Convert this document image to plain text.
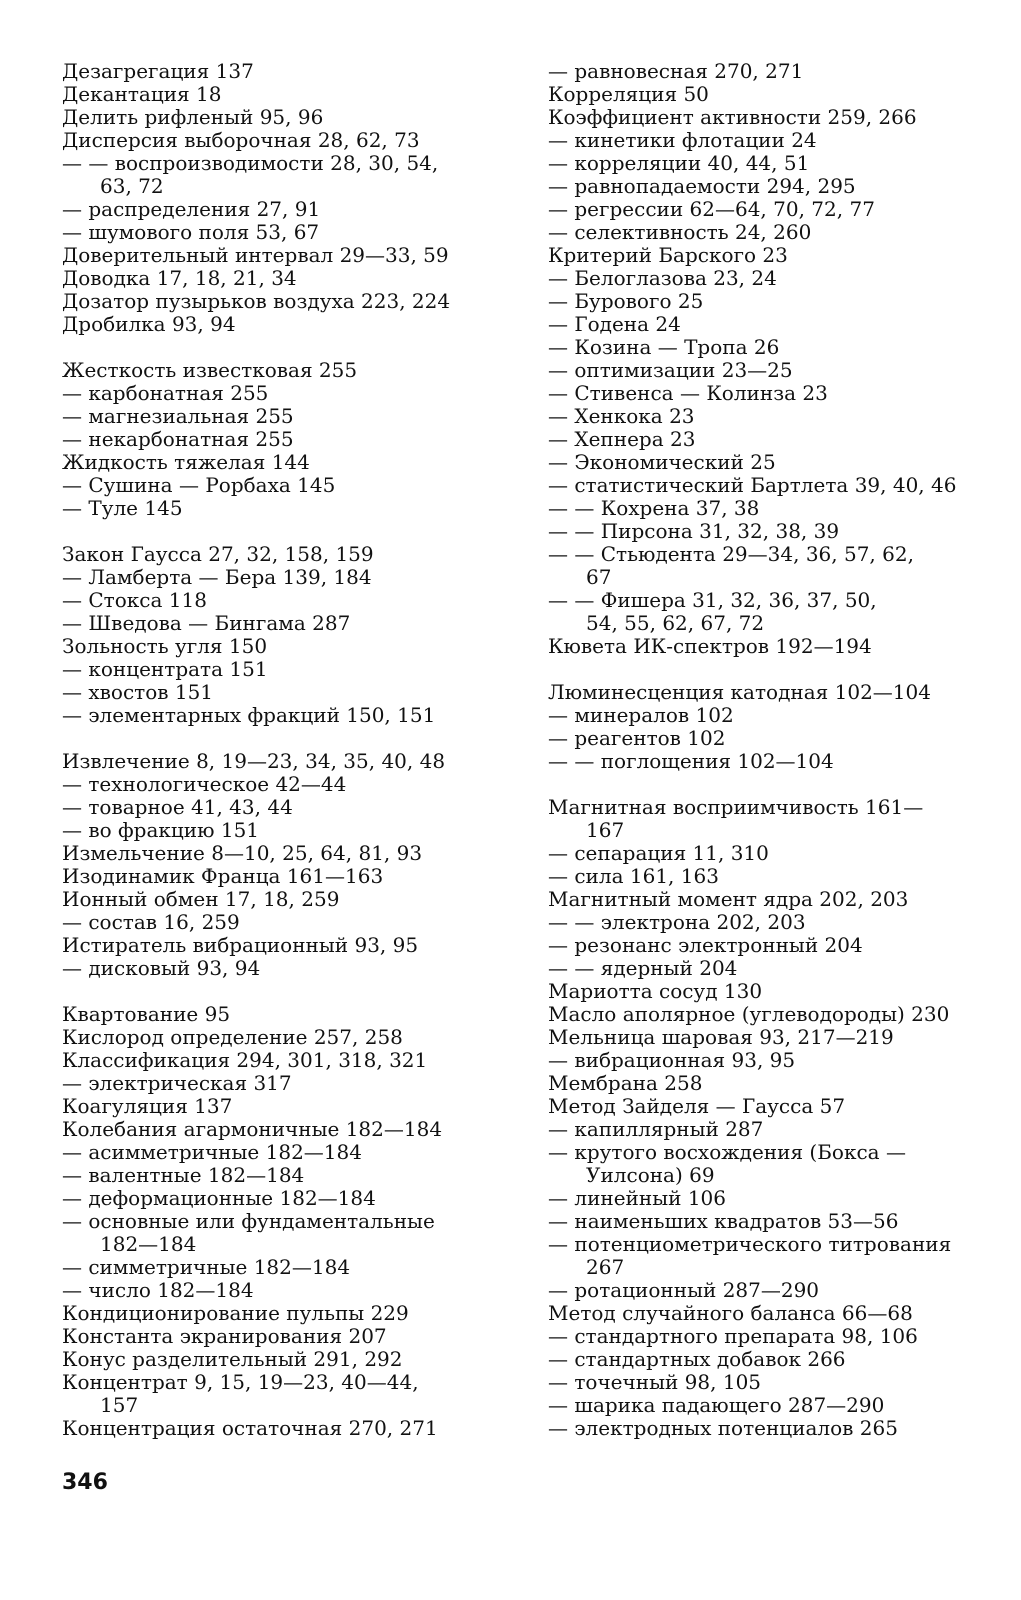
Дезагрегация 137
Декантация 18
Делить рифленый 95, 96
Дисперсия выборочная 28, 62, 73
— — воспроизводимости 28, 30, 54,
63, 72
— распределения 27, 91
— шумового поля 53, 67
Доверительный интервал 29—33, 59
Доводка 17, 18, 21, 34
Дозатор пузырьков воздуха 223, 224
Дробилка 93, 94
Жесткость известковая 255
— карбонатная 255
— магнезиальная 255
— некарбонатная 255
Жидкость тяжелая 144
— Сушина — Рорбаха 145
— Туле 145
Закон Гаусса 27, 32, 158, 159
— Ламберта — Бера 139, 184
— Стокса 118
— Шведова — Бингама 287
Зольность угля 150
— концентрата 151
— хвостов 151
— элементарных фракций 150, 151
Извлечение 8, 19—23, 34, 35, 40, 48
— технологическое 42—44
— товарное 41, 43, 44
— во фракцию 151
Измельчение 8—10, 25, 64, 81, 93
Изодинамик Франца 161—163
Ионный обмен 17, 18, 259
— состав 16, 259
Истиратель вибрационный 93, 95
— дисковый 93, 94
Квартование 95
Кислород определение 257, 258
Классификация 294, 301, 318, 321
— электрическая 317
Коагуляция 137
Колебания агармоничные 182—184
— асимметричные 182—184
— валентные 182—184
— деформационные 182—184
— основные или фундаментальные
182—184
— симметричные 182—184
— число 182—184
Кондиционирование пульпы 229
Константа экранирования 207
Конус разделительный 291, 292
Концентрат 9, 15, 19—23, 40—44,
157
Концентрация остаточная 270, 271
— равновесная 270, 271
Корреляция 50
Коэффициент активности 259, 266
— кинетики флотации 24
— корреляции 40, 44, 51
— равнопадаемости 294, 295
— регрессии 62—64, 70, 72, 77
— селективность 24, 260
Критерий Барского 23
— Белоглазова 23, 24
— Бурового 25
— Годена 24
— Козина — Тропа 26
— оптимизации 23—25
— Стивенса — Колинза 23
— Хенкока 23
— Хепнера 23
— Экономический 25
— статистический Бартлета 39, 40, 46
— — Кохрена 37, 38
— — Пирсона 31, 32, 38, 39
— — Стьюдента 29—34, 36, 57, 62,
67
— — Фишера 31, 32, 36, 37, 50,
54, 55, 62, 67, 72
Кювета ИК-спектров 192—194
Люминесценция катодная 102—104
— минералов 102
— реагентов 102
— — поглощения 102—104
Магнитная восприимчивость 161—
167
— сепарация 11, 310
— сила 161, 163
Магнитный момент ядра 202, 203
— — электрона 202, 203
— резонанс электронный 204
— — ядерный 204
Мариотта сосуд 130
Масло аполярное (углеводороды) 230
Мельница шаровая 93, 217—219
— вибрационная 93, 95
Мембрана 258
Метод Зайделя — Гаусса 57
— капиллярный 287
— крутого восхождения (Бокса —
Уилсона) 69
— линейный 106
— наименьших квадратов 53—56
— потенциометрического титрования
267
— ротационный 287—290
Метод случайного баланса 66—68
— стандартного препарата 98, 106
— стандартных добавок 266
— точечный 98, 105
— шарика падающего 287—290
— электродных потенциалов 265
346
